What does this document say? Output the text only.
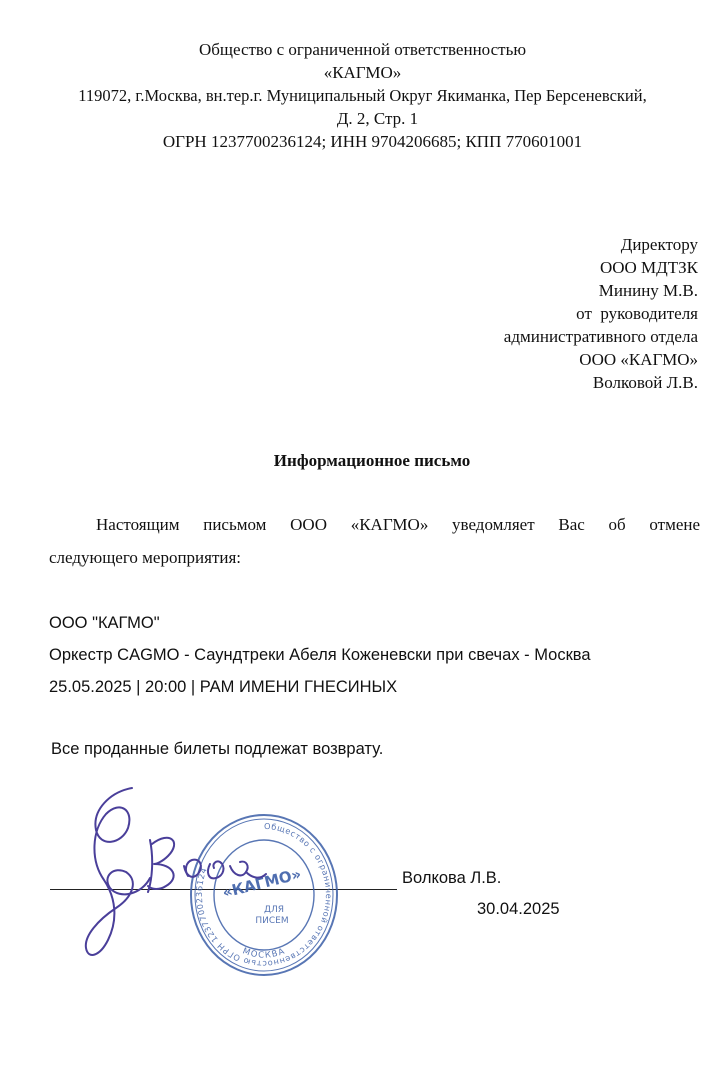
Общество с ограниченной ответственностью
«КАГМО»
119072, г.Москва, вн.тер.г. Муниципальный Округ Якиманка, Пер Берсеневский,
Д. 2, Стр. 1
ОГРН 1237700236124; ИНН 9704206685; КПП 770601001
Директору
ООО МДТЗК
Минину М.В.
от  руководителя
административного отдела
ООО «КАГМО»
Волковой Л.В.
Информационное письмо
Настоящим письмом ООО «КАГМО» уведомляет Вас об отмене
следующего мероприятия:
ООО "КАГМО"
Оркестр CAGMO - Саундтреки Абеля Коженевски при свечах - Москва
25.05.2025 | 20:00 | РАМ ИМЕНИ ГНЕСИНЫХ
Все проданные билеты подлежат возврату.
Общество с ограниченной ответственностью ОГРН 1237700236124
МОСКВА
«КАГМО»
ДЛЯ
ПИСЕМ
Волкова Л.В.
30.04.2025
